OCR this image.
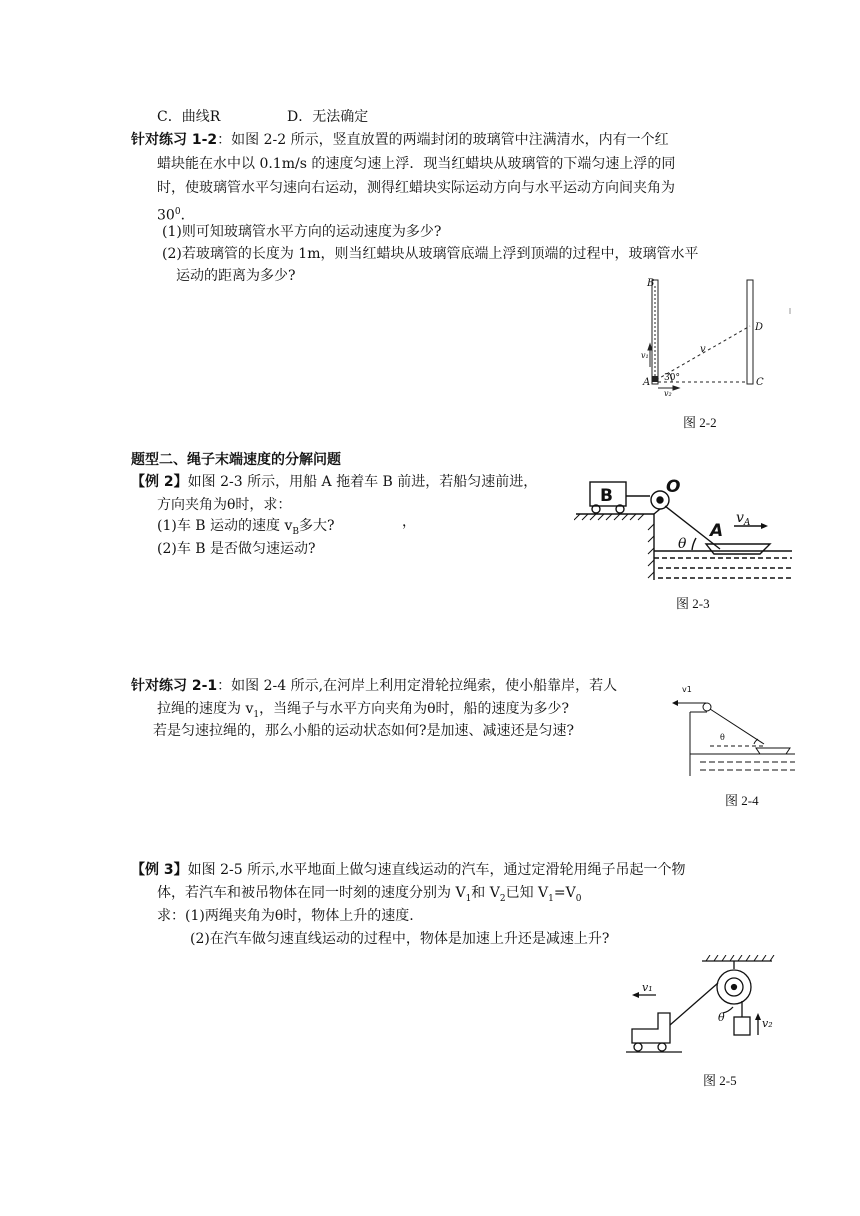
C．曲线R	D．无法确定
针对练习 1-2：如图 2-2 所示，竖直放置的两端封闭的玻璃管中注满清水，内有一个红
蜡块能在水中以 0.1m/s 的速度匀速上浮．现当红蜡块从玻璃管的下端匀速上浮的同
时，使玻璃管水平匀速向右运动，测得红蜡块实际运动方向与水平运动方向间夹角为
$30^0$．
(1)则可知玻璃管水平方向的运动速度为多少?
(2)若玻璃管的长度为 1m，则当红蜡块从玻璃管底端上浮到顶端的过程中，玻璃管水平
运动的距离为多少?	B
D
A	C
v
v₁
v₂
30°
图 2-2
题型二、绳子末端速度的分解问题
【例 2】如图 2-3 所示，用船 A 拖着车 B 前进，若船匀速前进，
方向夹角为θ时，求：
(1)车 B 运动的速度 $v_B$多大?
(2)车 B 是否做匀速运动?
，
B	O
A
$v_A$
θ
图 2-3
针对练习 2-1：如图 2-4 所示,在河岸上利用定滑轮拉绳索，使小船靠岸，若人
拉绳的速度为 $v_1$，当绳子与水平方向夹角为θ时，船的速度为多少?
若是匀速拉绳的，那么小船的运动状态如何?是加速、减速还是匀速?
v1
θ
图 2-4
【例 3】如图 2-5 所示,水平地面上做匀速直线运动的汽车，通过定滑轮用绳子吊起一个物
体，若汽车和被吊物体在同一时刻的速度分别为 $V_1$和 $V_2$已知 $V_1=V_0$
求：(1)两绳夹角为θ时，物体上升的速度.
(2)在汽车做匀速直线运动的过程中，物体是加速上升还是减速上升?
v₁
v₂
θ
图 2-5
